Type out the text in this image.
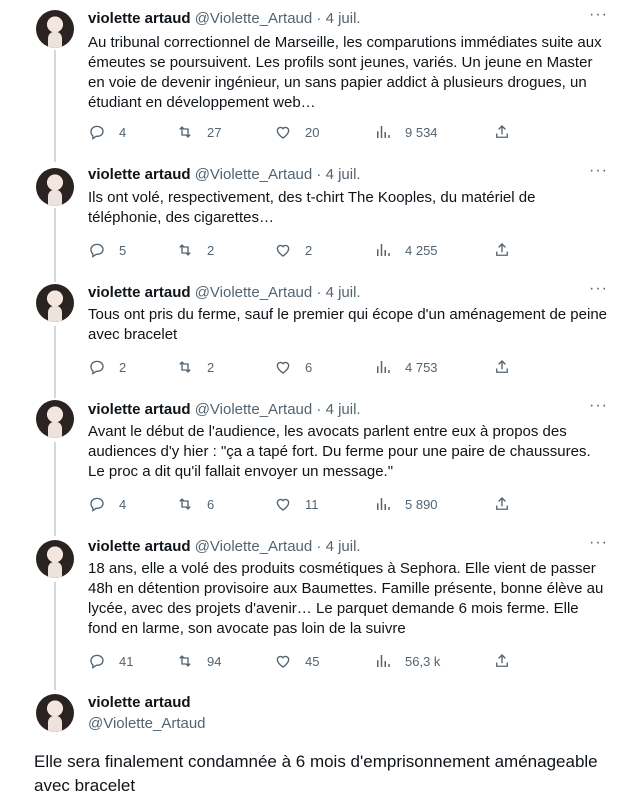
violette artaud @Violette_Artaud · 4 juil.	···
Au tribunal correctionnel de Marseille, les comparutions immédiates suite aux émeutes se poursuivent. Les profils sont jeunes, variés. Un jeune en Master en voie de devenir ingénieur, un sans papier addict à plusieurs drogues, un étudiant en développement web…
4	27	20	9 534
violette artaud @Violette_Artaud · 4 juil.	···
Ils ont volé, respectivement, des t-chirt The Kooples, du matériel de téléphonie, des cigarettes…
5	2	2	4 255
violette artaud @Violette_Artaud · 4 juil.	···
Tous ont pris du ferme, sauf le premier qui écope d'un aménagement de peine avec bracelet
2	2	6	4 753
violette artaud @Violette_Artaud · 4 juil.	···
Avant le début de l'audience, les avocats parlent entre eux à propos des audiences d'y hier : "ça a tapé fort. Du ferme pour une paire de chaussures. Le proc a dit qu'il fallait envoyer un message."
4	6	11	5 890
violette artaud @Violette_Artaud · 4 juil.	···
18 ans, elle a volé des produits cosmétiques à Sephora. Elle vient de passer 48h en détention provisoire aux Baumettes. Famille présente, bonne élève au lycée, avec des projets d'avenir… Le parquet demande 6 mois ferme. Elle fond en larme, son avocate pas loin de la suivre
41	94	45	56,3 k
violette artaud
@Violette_Artaud
Elle sera finalement condamnée à 6 mois d'emprisonnement aménageable avec bracelet
